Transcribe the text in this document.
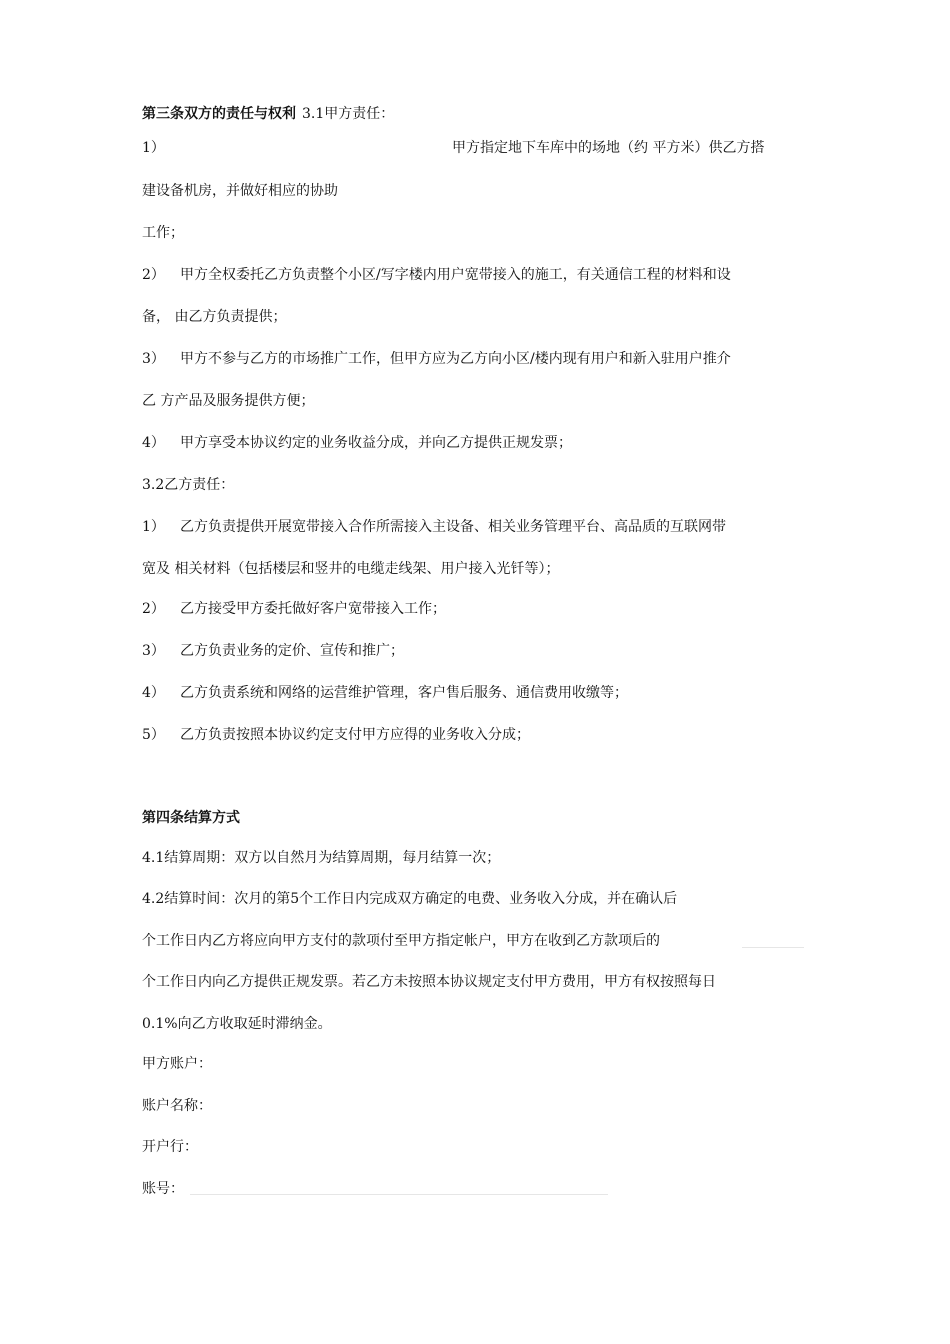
第三条双方的责任与权利 3.1甲方责任：
1）	甲方指定地下车库中的场地（约 平方米）供乙方搭
建设备机房，并做好相应的协助
工作；
2） 甲方全权委托乙方负责整个小区/写字楼内用户宽带接入的施工，有关通信工程的材料和设
备， 由乙方负责提供；
3） 甲方不参与乙方的市场推广工作，但甲方应为乙方向小区/楼内现有用户和新入驻用户推介
乙 方产品及服务提供方便；
4） 甲方享受本协议约定的业务收益分成，并向乙方提供正规发票；
3.2乙方责任：
1） 乙方负责提供开展宽带接入合作所需接入主设备、相关业务管理平台、高品质的互联网带
宽及 相关材料（包括楼层和竖井的电缆走线架、用户接入光钎等）；
2） 乙方接受甲方委托做好客户宽带接入工作；
3） 乙方负责业务的定价、宣传和推广；
4） 乙方负责系统和网络的运营维护管理，客户售后服务、通信费用收缴等；
5） 乙方负责按照本协议约定支付甲方应得的业务收入分成；
第四条结算方式
4.1结算周期：双方以自然月为结算周期，每月结算一次；
4.2结算时间：次月的第5个工作日内完成双方确定的电费、业务收入分成，并在确认后
个工作日内乙方将应向甲方支付的款项付至甲方指定帐户，甲方在收到乙方款项后的
个工作日内向乙方提供正规发票。若乙方未按照本协议规定支付甲方费用，甲方有权按照每日
0.1%向乙方收取延时滞纳金。
甲方账户：
账户名称：
开户行：
账号：
